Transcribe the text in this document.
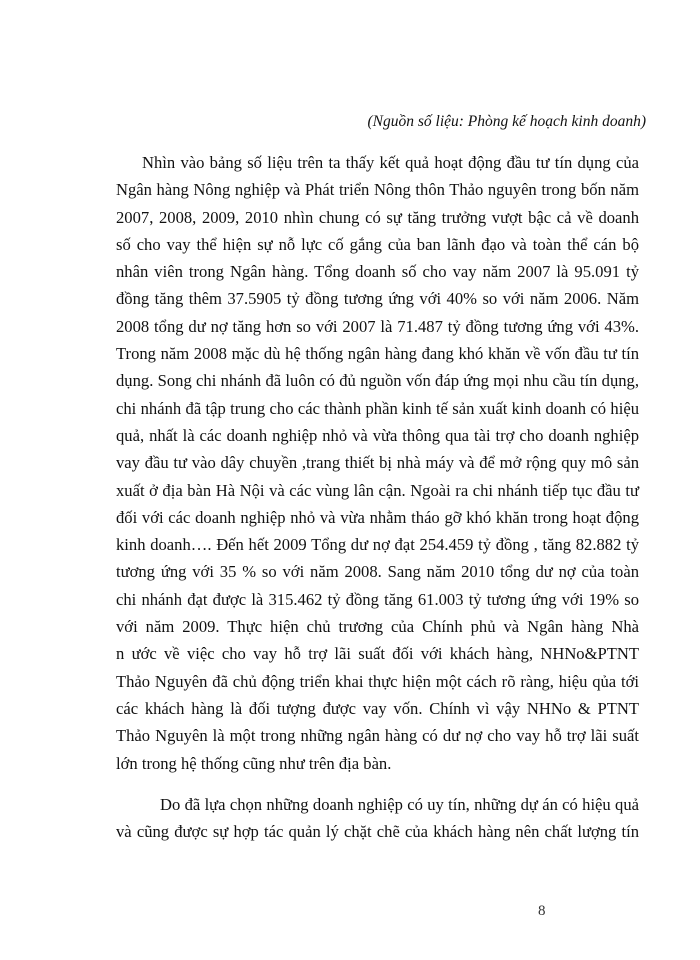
(Nguồn số liệu: Phòng kế hoạch kinh doanh)
Nhìn vào bảng số liệu trên ta thấy kết quả hoạt động đầu tư tín dụng của
Ngân hàng Nông nghiệp và Phát triển Nông thôn Thảo nguyên trong bốn năm
2007, 2008, 2009, 2010 nhìn chung có sự tăng trưởng vượt bậc cả về doanh
số cho vay thể hiện sự nỗ lực cố gắng của ban lãnh đạo và toàn thể cán bộ
nhân viên trong Ngân hàng. Tổng doanh số cho vay năm 2007 là 95.091 tỷ
đồng tăng thêm 37.5905 tỷ đồng tương ứng với 40% so với năm 2006. Năm
2008 tổng dư nợ tăng hơn so với 2007 là 71.487 tỷ đồng tương ứng với 43%.
Trong năm 2008 mặc dù hệ thống ngân hàng đang khó khăn về vốn đầu tư tín
dụng. Song chi nhánh đã luôn có đủ nguồn vốn đáp ứng mọi nhu cầu tín dụng,
chi nhánh đã tập trung cho các thành phần kinh tế sản xuất kinh doanh có hiệu
quả, nhất là các doanh nghiệp nhỏ và vừa thông qua tài trợ cho doanh nghiệp
vay đầu tư vào dây chuyền ,trang thiết bị nhà máy và để mở rộng quy mô sản
xuất ở địa bàn Hà Nội và các vùng lân cận. Ngoài ra chi nhánh tiếp tục đầu tư
đối với các doanh nghiệp nhỏ và vừa nhằm tháo gỡ khó khăn trong hoạt động
kinh doanh…. Đến hết 2009 Tổng dư nợ đạt 254.459 tỷ đồng , tăng 82.882 tỷ
tương ứng với 35 % so với năm 2008. Sang năm 2010 tổng dư nợ của toàn
chi nhánh đạt được là 315.462 tỷ đồng tăng 61.003 tỷ tương ứng với 19% so
với năm 2009. Thực hiện chủ trương của Chính phủ và Ngân hàng Nhà
n ước về việc cho vay hỗ trợ lãi suất đối với khách hàng, NHNo&PTNT
Thảo Nguyên đã chủ động triển khai thực hiện một cách rõ ràng, hiệu qủa tới
các khách hàng là đối tượng được vay vốn. Chính vì vậy NHNo & PTNT
Thảo Nguyên là một trong những ngân hàng có dư nợ cho vay hỗ trợ lãi suất
lớn trong hệ thống cũng như trên địa bàn.
Do đã lựa chọn những doanh nghiệp có uy tín, những dự án có hiệu quả
và cũng được sự hợp tác quản lý chặt chẽ của khách hàng nên chất lượng tín
8
